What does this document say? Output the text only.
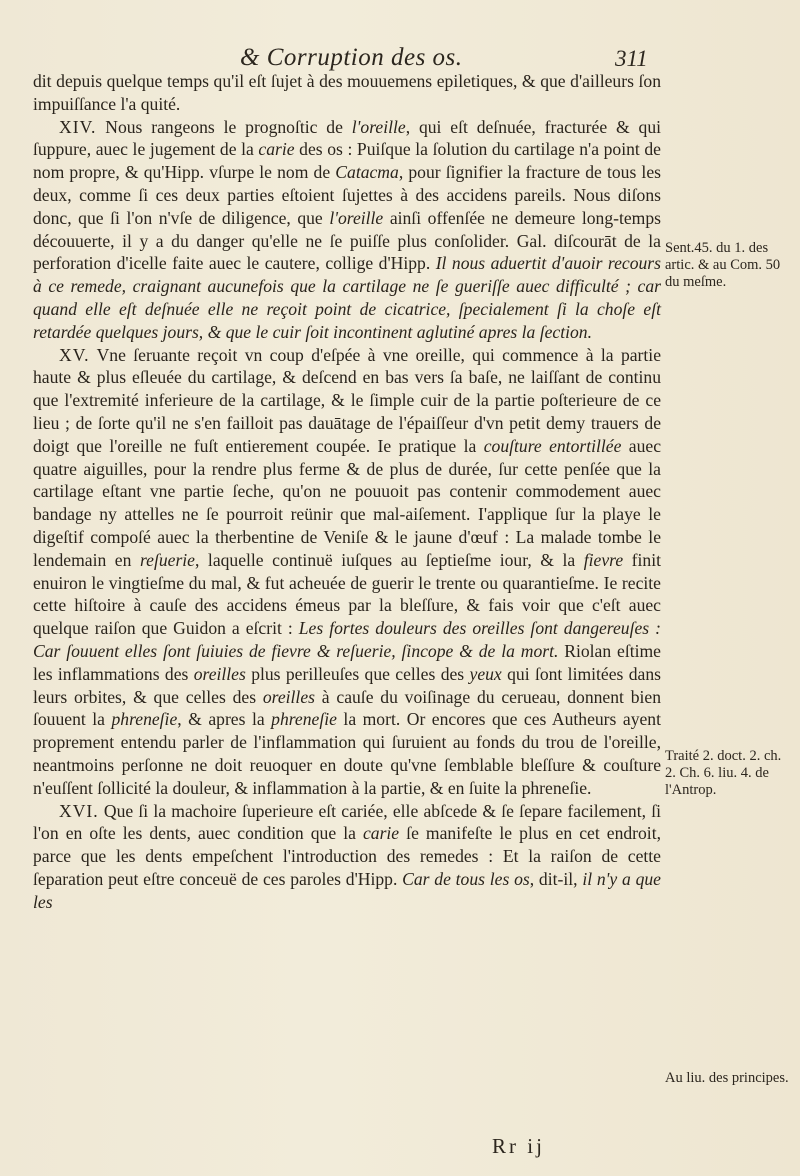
& Corruption des os.	311

dit depuis quelque temps qu'il eſt ſujet à des mouuemens epiletiques, & que d'ailleurs ſon impuiſſance l'a quité.

XIV. Nous rangeons le prognoſtic de l'oreille, qui eſt deſnuée, fracturée & qui ſuppure, auec le jugement de la carie des os : Puiſque la ſolution du cartilage n'a point de nom propre, & qu'Hipp. vſurpe le nom de Catacma, pour ſignifier la fracture de tous les deux, comme ſi ces deux parties eſtoient ſujettes à des accidens pareils. Nous diſons donc, que ſi l'on n'vſe de diligence, que l'oreille ainſi offenſée ne demeure long-temps découuerte, il y a du danger qu'elle ne ſe puiſſe plus conſolider. Gal. diſcourāt de la perforation d'icelle faite auec le cautere, collige d'Hipp. Il nous aduertit d'auoir recours à ce remede, craignant aucunefois que la cartilage ne ſe gueriſſe auec difficulté ; car quand elle eſt deſnuée elle ne reçoit point de cicatrice, ſpecialement ſi la choſe eſt retardée quelques jours, & que le cuir ſoit incontinent aglutiné apres la ſection.

XV. Vne ſeruante reçoit vn coup d'eſpée à vne oreille, qui commence à la partie haute & plus eſleuée du cartilage, & deſcend en bas vers ſa baſe, ne laiſſant de continu que l'extremité inferieure de la cartilage, & le ſimple cuir de la partie poſterieure de ce lieu ; de ſorte qu'il ne s'en failloit pas dauātage de l'épaiſſeur d'vn petit demy trauers de doigt que l'oreille ne fuſt entierement coupée. Ie pratique la couſture entortillée auec quatre aiguilles, pour la rendre plus ferme & de plus de durée, ſur cette penſée que la cartilage eſtant vne partie ſeche, qu'on ne pouuoit pas contenir commodement auec bandage ny attelles ne ſe pourroit reünir que mal-aiſement. I'applique ſur la playe le digeſtif compoſé auec la therbentine de Veniſe & le jaune d'œuf : La malade tombe le lendemain en reſuerie, laquelle continuë iuſques au ſeptieſme iour, & la fievre finit enuiron le vingtieſme du mal, & fut acheuée de guerir le trente ou quarantieſme. Ie recite cette hiſtoire à cauſe des accidens émeus par la bleſſure, & fais voir que c'eſt auec quelque raiſon que Guidon a eſcrit : Les fortes douleurs des oreilles ſont dangereuſes : Car ſouuent elles ſont ſuiuies de fievre & reſuerie, ſincope & de la mort. Riolan eſtime les inflammations des oreilles plus perilleuſes que celles des yeux qui ſont limitées dans leurs orbites, & que celles des oreilles à cauſe du voiſinage du cerueau, donnent bien ſouuent la phreneſie, & apres la phreneſie la mort. Or encores que ces Autheurs ayent proprement entendu parler de l'inflammation qui ſuruient au fonds du trou de l'oreille, neantmoins perſonne ne doit reuoquer en doute qu'vne ſemblable bleſſure & couſture n'euſſent ſollicité la douleur, & inflammation à la partie, & en ſuite la phreneſie.

XVI. Que ſi la machoire ſuperieure eſt cariée, elle abſcede & ſe ſepare facilement, ſi l'on en oſte les dents, auec condition que la carie ſe manifeſte le plus en cet endroit, parce que les dents empeſchent l'introduction des remedes : Et la raiſon de cette ſeparation peut eſtre conceuë de ces paroles d'Hipp. Car de tous les os, dit-il, il n'y a que les

Sent.45. du 1. des artic. & au Com. 50 du meſme.
Traité 2. doct. 2. ch. 2. Ch. 6. liu. 4. de l'Antrop.
Au liu. des principes.
Rr ij
